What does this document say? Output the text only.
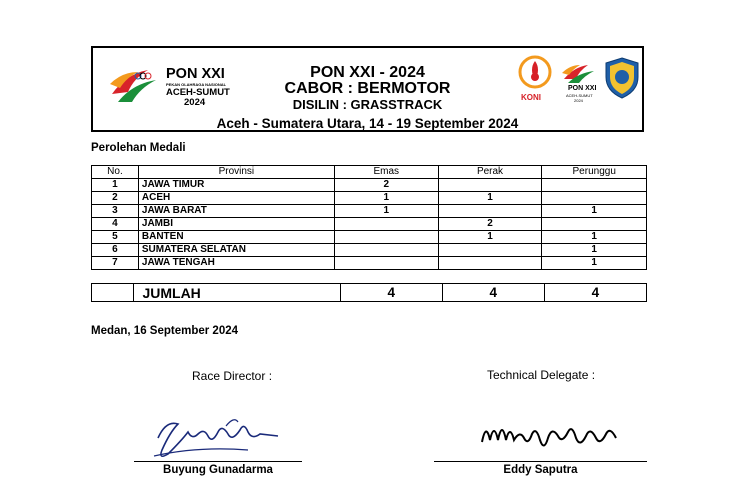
PON XXI - 2024
CABOR : BERMOTOR
DISILIN : GRASSTRACK
Aceh - Sumatera Utara, 14 - 19 September 2024
PON XXI
PEKAN OLAHRAGA NASIONAL
ACEH-SUMUT
2024	KONI
PON XXI
ACEH-SUMUT
2024
Perolehan Medali
No.	Provinsi	Emas	Perak	Perunggu
1	JAWA TIMUR	2		
2	ACEH	1	1	
3	JAWA BARAT	1		1
4	JAMBI		2	
5	BANTEN		1	1
6	SUMATERA SELATAN			1
7	JAWA TENGAH			1
	JUMLAH	4	4	4
Medan, 16 September 2024
Race Director :	Technical Delegate :
Buyung Gunadarma	Eddy Saputra
